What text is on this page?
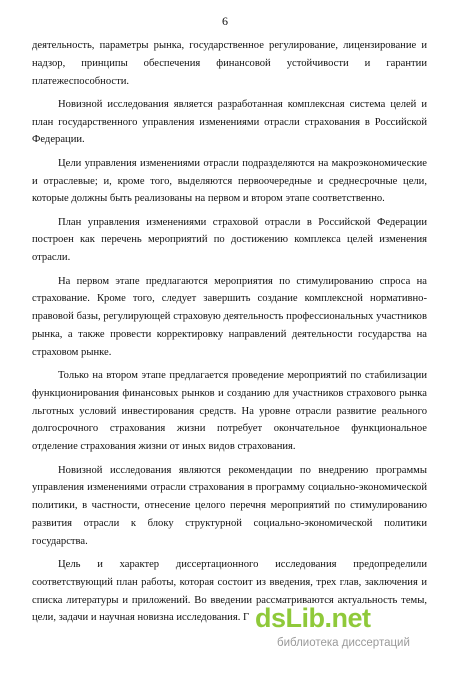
6

деятельность, параметры рынка, государственное регулирование, лицензирование и надзор, принципы обеспечения финансовой устойчивости и гарантии платежеспособности.

Новизной исследования является разработанная комплексная система целей и план государственного управления изменениями отрасли страхования в Российской Федерации.

Цели управления изменениями отрасли подразделяются на макроэкономические и отраслевые; и, кроме того, выделяются первоочередные и среднесрочные цели, которые должны быть реализованы на первом и втором этапе соответственно.

План управления изменениями страховой отрасли в Российской Федерации построен как перечень мероприятий по достижению комплекса целей изменения отрасли.

На первом этапе предлагаются мероприятия по стимулированию спроса на страхование. Кроме того, следует завершить создание комплексной нормативно-правовой базы, регулирующей страховую деятельность профессиональных участников рынка, а также провести корректировку направлений деятельности государства на страховом рынке.

Только на втором этапе предлагается проведение мероприятий по стабилизации функционирования финансовых рынков и созданию для участников страхового рынка льготных условий инвестирования средств. На уровне отрасли развитие реального долгосрочного страхования жизни потребует окончательное функциональное отделение страхования жизни от иных видов страхования.

Новизной исследования являются рекомендации по внедрению программы управления изменениями отрасли страхования в программу социально-экономической политики, в частности, отнесение целого перечня мероприятий по стимулированию развития отрасли к блоку структурной социально-экономической политики государства.

Цель и характер диссертационного исследования предопределили соответствующий план работы, которая состоит из введения, трех глав, заключения и списка литературы и приложений. Во введении рассматриваются актуальность темы, цели, задачи и научная новизна исследования. Г dsLib.net
библиотека диссертаций
